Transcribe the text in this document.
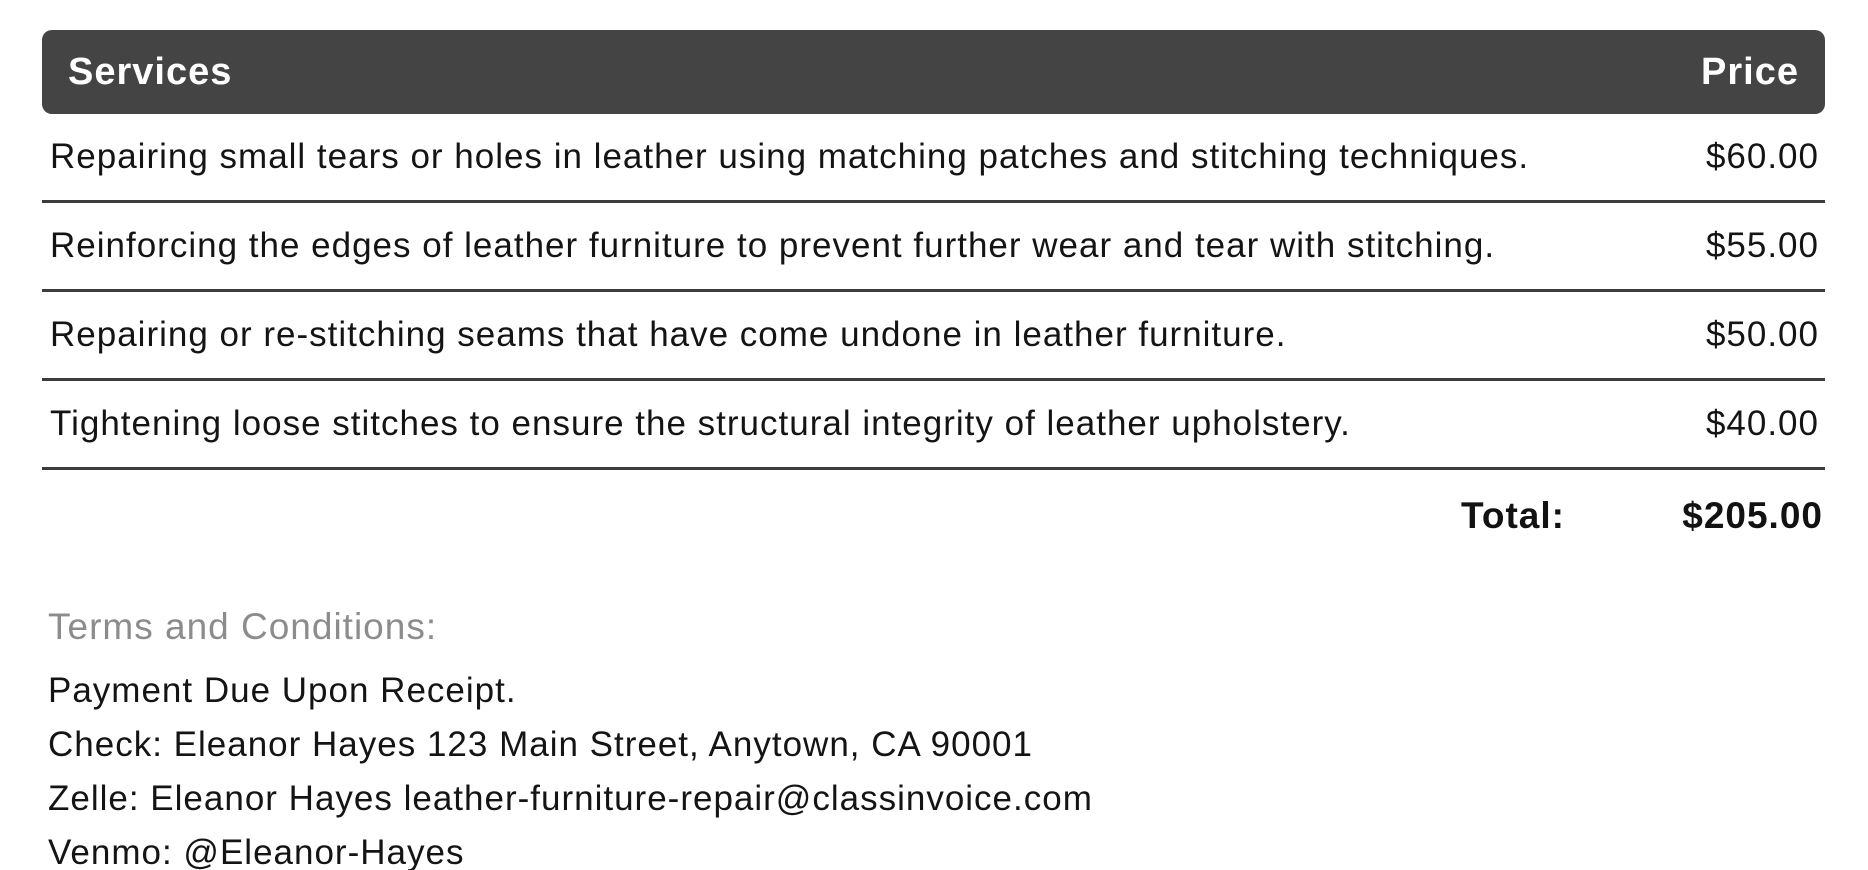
Services	Price
Repairing small tears or holes in leather using matching patches and stitching techniques.	$60.00
Reinforcing the edges of leather furniture to prevent further wear and tear with stitching.	$55.00
Repairing or re-stitching seams that have come undone in leather furniture.	$50.00
Tightening loose stitches to ensure the structural integrity of leather upholstery.	$40.00
Total:	$205.00
Terms and Conditions:
Payment Due Upon Receipt.
Check: Eleanor Hayes 123 Main Street, Anytown, CA 90001
Zelle: Eleanor Hayes leather-furniture-repair@classinvoice.com
Venmo: @Eleanor-Hayes
